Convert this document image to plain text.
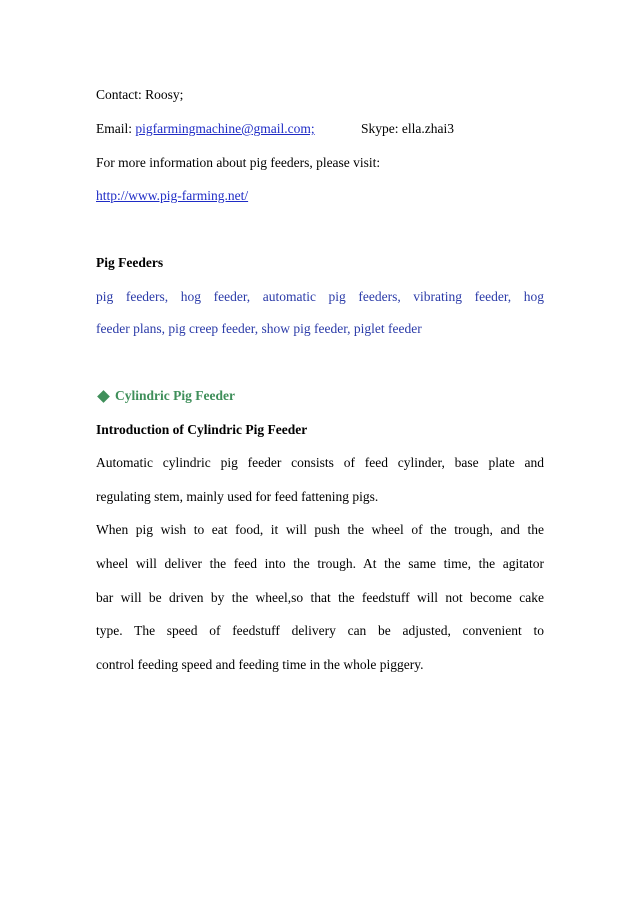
Contact: Roosy;
Email: pigfarmingmachine@gmail.com;	Skype: ella.zhai3
For more information about pig feeders, please visit:
http://www.pig-farming.net/
Pig Feeders
pig feeders, hog feeder, automatic pig feeders, vibrating feeder, hog
feeder plans, pig creep feeder, show pig feeder, piglet feeder
Cylindric Pig Feeder
Introduction of Cylindric Pig Feeder
Automatic cylindric pig feeder consists of feed cylinder, base plate and
regulating stem, mainly used for feed fattening pigs.
When pig wish to eat food, it will push the wheel of the trough, and the
wheel will deliver the feed into the trough. At the same time, the agitator
bar will be driven by the wheel,so that the feedstuff will not become cake
type. The speed of feedstuff delivery can be adjusted, convenient to
control feeding speed and feeding time in the whole piggery.
